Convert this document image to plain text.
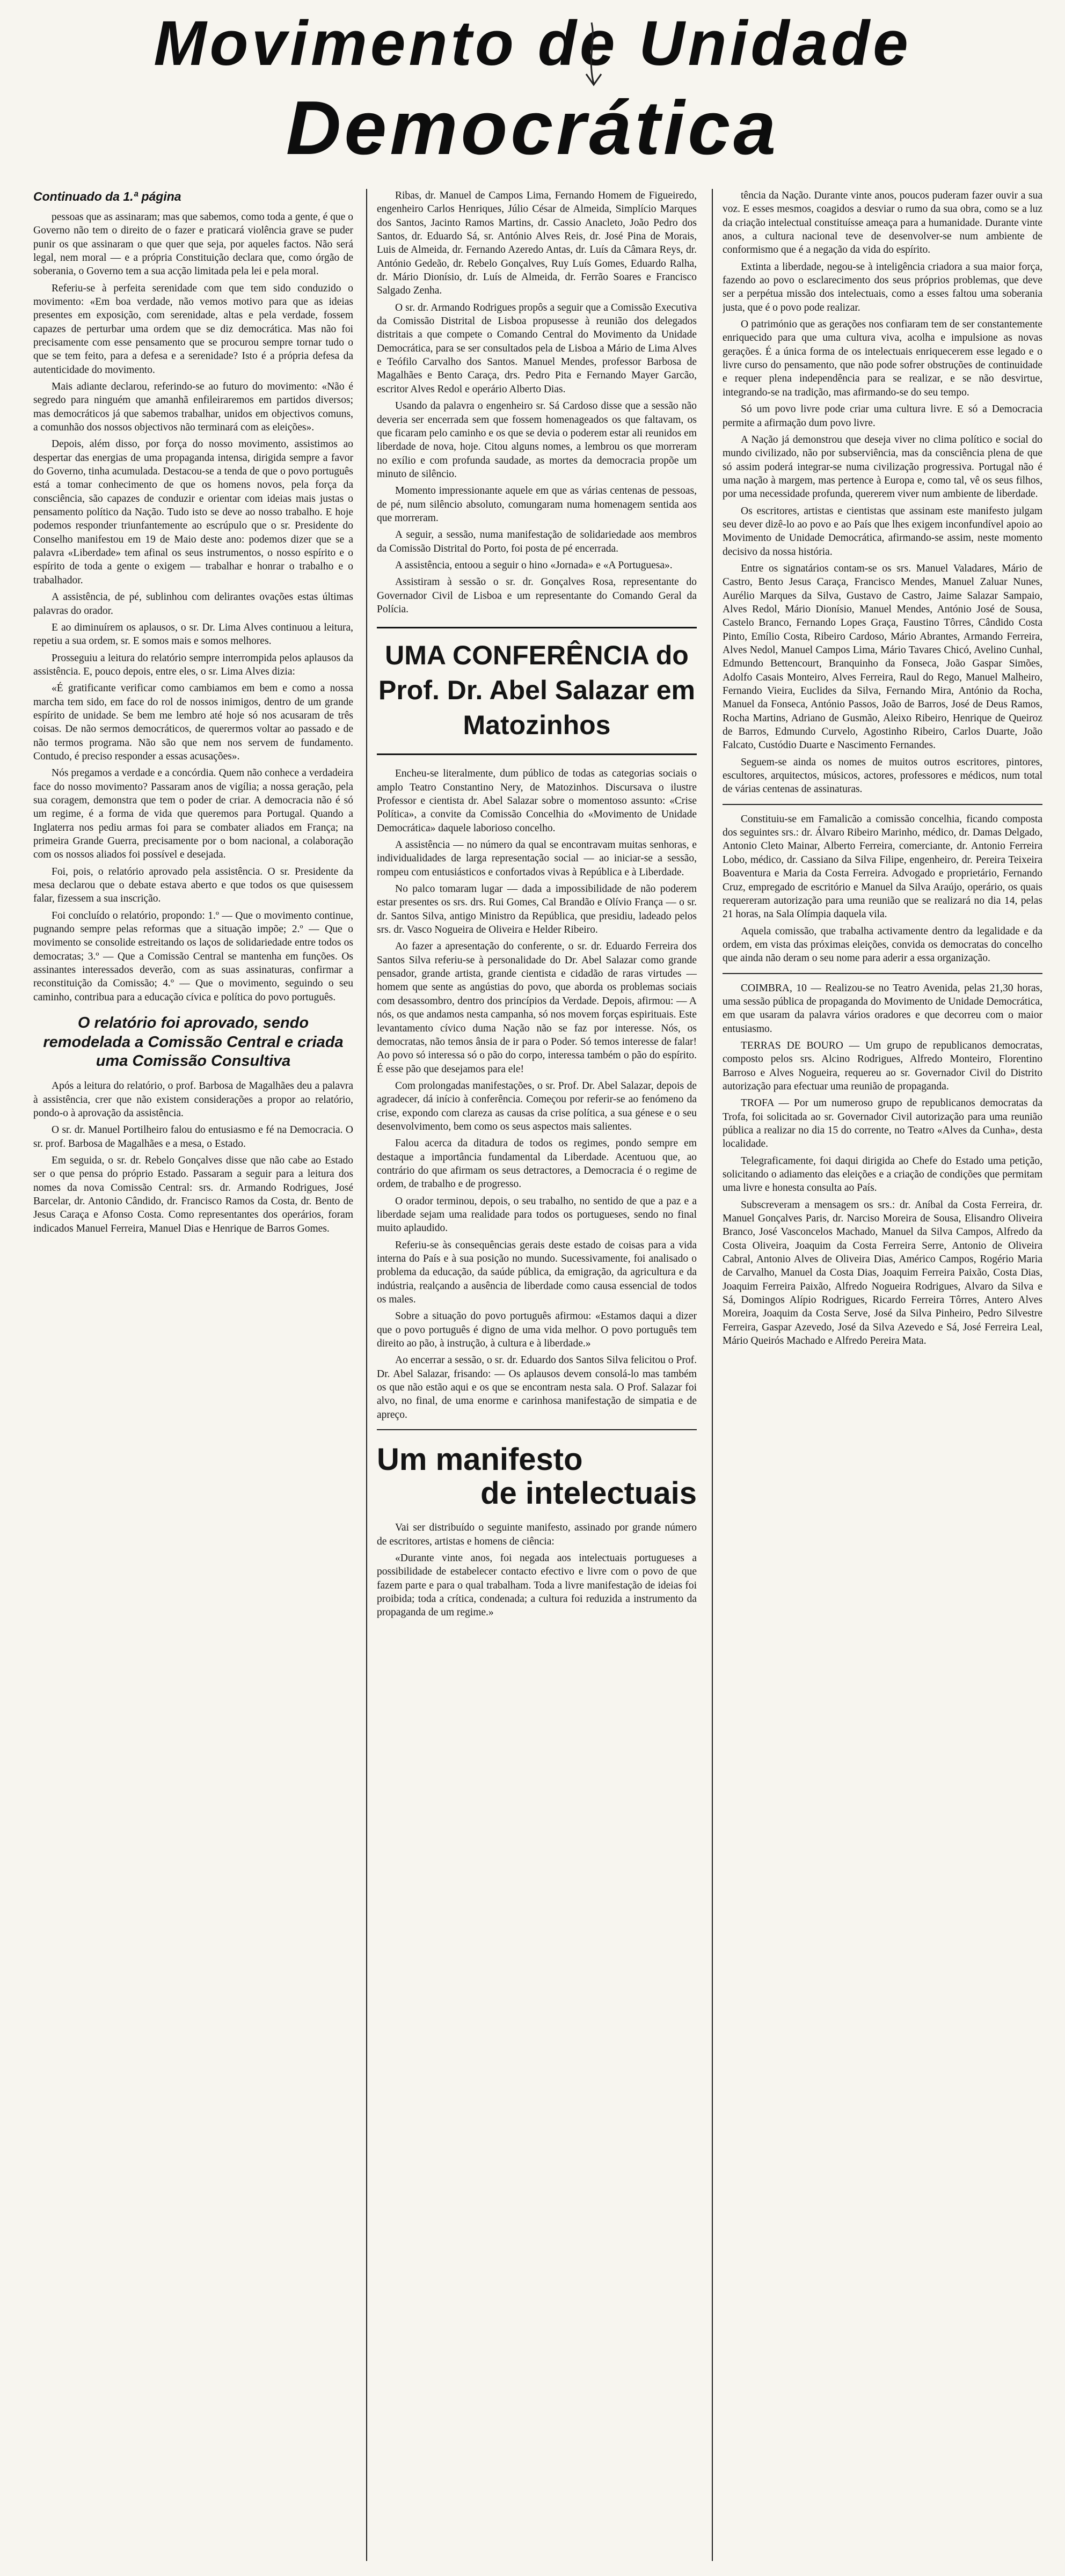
Movimento de Unidade
Democrática

Continuado da 1.ª página

pessoas que as assinaram; mas que sabemos, como toda a gente, é que o Governo não tem o direito de o fazer e praticará violência grave se puder punir os que assinaram o que quer que seja, por aqueles factos. Não será legal, nem moral — e a própria Constituição declara que, como órgão de soberania, o Governo tem a sua acção limitada pela lei e pela moral.

Referiu-se à perfeita serenidade com que tem sido conduzido o movimento: «Em boa verdade, não vemos motivo para que as ideias presentes em exposição, com serenidade, altas e pela verdade, fossem capazes de perturbar uma ordem que se diz democrática. Mas não foi precisamente com esse pensamento que se procurou sempre tornar tudo o que se tem feito, para a defesa e a serenidade? Isto é a própria defesa da autenticidade do movimento.

Mais adiante declarou, referindo-se ao futuro do movimento: «Não é segredo para ninguém que amanhã enfileiraremos em partidos diversos; mas democráticos já que sabemos trabalhar, unidos em objectivos comuns, a comunhão dos nossos objectivos não terminará com as eleições».

Depois, além disso, por força do nosso movimento, assistimos ao despertar das energias de uma propaganda intensa, dirigida sempre a favor do Governo, tinha acumulada. Destacou-se a tenda de que o povo português está a tomar conhecimento de que os homens novos, pela força da consciência, são capazes de conduzir e orientar com ideias mais justas o pensamento político da Nação. Tudo isto se deve ao nosso trabalho. E hoje podemos responder triunfantemente ao escrúpulo que o sr. Presidente do Conselho manifestou em 19 de Maio deste ano: podemos dizer que se a palavra «Liberdade» tem afinal os seus instrumentos, o nosso espírito e o espírito de toda a gente o exigem — trabalhar e honrar o trabalho e o trabalhador.

A assistência, de pé, sublinhou com delirantes ovações estas últimas palavras do orador.

E ao diminuírem os aplausos, o sr. Dr. Lima Alves continuou a leitura, repetiu a sua ordem, sr. E somos mais e somos melhores.

Prosseguiu a leitura do relatório sempre interrompida pelos aplausos da assistência. E, pouco depois, entre eles, o sr. Lima Alves dizia:

«É gratificante verificar como cambiamos em bem e como a nossa marcha tem sido, em face do rol de nossos inimigos, dentro de um grande espírito de unidade. Se bem me lembro até hoje só nos acusaram de três coisas. De não sermos democráticos, de querermos voltar ao passado e de não termos programa. Não são que nem nos servem de fundamento. Contudo, é preciso responder a essas acusações».

Nós pregamos a verdade e a concórdia. Quem não conhece a verdadeira face do nosso movimento? Passaram anos de vigília; a nossa geração, pela sua coragem, demonstra que tem o poder de criar. A democracia não é só um regime, é a forma de vida que queremos para Portugal. Quando a Inglaterra nos pediu armas foi para se combater aliados em França; na primeira Grande Guerra, precisamente por o bom nacional, a colaboração com os nossos aliados foi possível e desejada.

Foi, pois, o relatório aprovado pela assistência. O sr. Presidente da mesa declarou que o debate estava aberto e que todos os que quisessem falar, fizessem a sua inscrição.

Foi concluído o relatório, propondo: 1.º — Que o movimento continue, pugnando sempre pelas reformas que a situação impõe; 2.º — Que o movimento se consolide estreitando os laços de solidariedade entre todos os democratas; 3.º — Que a Comissão Central se mantenha em funções. Os assinantes interessados deverão, com as suas assinaturas, confirmar a reconstituição da Comissão; 4.º — Que o movimento, seguindo o seu caminho, contribua para a educação cívica e política do povo português.

O relatório foi aprovado, sendo remodelada a Comissão Central e criada uma Comissão Consultiva

Após a leitura do relatório, o prof. Barbosa de Magalhães deu a palavra à assistência, crer que não existem considerações a propor ao relatório, pondo-o à aprovação da assistência.

O sr. dr. Manuel Portilheiro falou do entusiasmo e fé na Democracia. O sr. prof. Barbosa de Magalhães e a mesa, o Estado.

Em seguida, o sr. dr. Rebelo Gonçalves disse que não cabe ao Estado ser o que pensa do próprio Estado. Passaram a seguir para a leitura dos nomes da nova Comissão Central: srs. dr. Armando Rodrigues, José Barcelar, dr. Antonio Cândido, dr. Francisco Ramos da Costa, dr. Bento de Jesus Caraça e Afonso Costa. Como representantes dos operários, foram indicados Manuel Ferreira, Manuel Dias e Henrique de Barros Gomes.

Ribas, dr. Manuel de Campos Lima, Fernando Homem de Figueiredo, engenheiro Carlos Henriques, Júlio César de Almeida, Simplício Marques dos Santos, Jacinto Ramos Martins, dr. Cassio Anacleto, João Pedro dos Santos, dr. Eduardo Sá, sr. António Alves Reis, dr. José Pina de Morais, Luis de Almeida, dr. Fernando Azeredo Antas, dr. Luís da Câmara Reys, dr. António Gedeão, dr. Rebelo Gonçalves, Ruy Luís Gomes, Eduardo Ralha, dr. Mário Dionísio, dr. Luís de Almeida, dr. Ferrão Soares e Francisco Salgado Zenha.

O sr. dr. Armando Rodrigues propôs a seguir que a Comissão Executiva da Comissão Distrital de Lisboa propusesse à reunião dos delegados distritais a que compete o Comando Central do Movimento da Unidade Democrática, para se ser consultados pela de Lisboa a Mário de Lima Alves e Teófilo Carvalho dos Santos. Manuel Mendes, professor Barbosa de Magalhães e Bento Caraça, drs. Pedro Pita e Fernando Mayer Garcão, escritor Alves Redol e operário Alberto Dias.

Usando da palavra o engenheiro sr. Sá Cardoso disse que a sessão não deveria ser encerrada sem que fossem homenageados os que faltavam, os que ficaram pelo caminho e os que se devia o poderem estar ali reunidos em liberdade de nova, hoje. Citou alguns nomes, a lembrou os que morreram no exílio e com profunda saudade, as mortes da democracia propõe um minuto de silêncio.

Momento impressionante aquele em que as várias centenas de pessoas, de pé, num silêncio absoluto, comungaram numa homenagem sentida aos que morreram.

A seguir, a sessão, numa manifestação de solidariedade aos membros da Comissão Distrital do Porto, foi posta de pé encerrada.

A assistência, entoou a seguir o hino «Jornada» e «A Portuguesa».

Assistiram à sessão o sr. dr. Gonçalves Rosa, representante do Governador Civil de Lisboa e um representante do Comando Geral da Polícia.

UMA CONFERÊNCIA do Prof. Dr. Abel Salazar em Matozinhos

Encheu-se literalmente, dum público de todas as categorias sociais o amplo Teatro Constantino Nery, de Matozinhos. Discursava o ilustre Professor e cientista dr. Abel Salazar sobre o momentoso assunto: «Crise Política», a convite da Comissão Concelhia do «Movimento de Unidade Democrática» daquele laborioso concelho.

A assistência — no número da qual se encontravam muitas senhoras, e individualidades de larga representação social — ao iniciar-se a sessão, rompeu com entusiásticos e confortados vivas à República e à Liberdade.

No palco tomaram lugar — dada a impossibilidade de não poderem estar presentes os srs. drs. Rui Gomes, Cal Brandão e Olívio França — o sr. dr. Santos Silva, antigo Ministro da República, que presidiu, ladeado pelos srs. dr. Vasco Nogueira de Oliveira e Helder Ribeiro.

Ao fazer a apresentação do conferente, o sr. dr. Eduardo Ferreira dos Santos Silva referiu-se à personalidade do Dr. Abel Salazar como grande pensador, grande artista, grande cientista e cidadão de raras virtudes — homem que sente as angústias do povo, que aborda os problemas sociais com desassombro, dentro dos princípios da Verdade. Depois, afirmou: — A nós, os que andamos nesta campanha, só nos movem forças espirituais. Este levantamento cívico duma Nação não se faz por interesse. Nós, os democratas, não temos ânsia de ir para o Poder. Só temos interesse de falar! Ao povo só interessa só o pão do corpo, interessa também o pão do espírito. É esse pão que desejamos para ele!

Com prolongadas manifestações, o sr. Prof. Dr. Abel Salazar, depois de agradecer, dá início à conferência. Começou por referir-se ao fenómeno da crise, expondo com clareza as causas da crise política, a sua génese e o seu desenvolvimento, bem como os seus aspectos mais salientes.

Falou acerca da ditadura de todos os regimes, pondo sempre em destaque a importância fundamental da Liberdade. Acentuou que, ao contrário do que afirmam os seus detractores, a Democracia é o regime de ordem, de trabalho e de progresso.

O orador terminou, depois, o seu trabalho, no sentido de que a paz e a liberdade sejam uma realidade para todos os portugueses, sendo no final muito aplaudido.

Referiu-se às consequências gerais deste estado de coisas para a vida interna do País e à sua posição no mundo. Sucessivamente, foi analisado o problema da educação, da saúde pública, da emigração, da agricultura e da indústria, realçando a ausência de liberdade como causa essencial de todos os males.

Sobre a situação do povo português afirmou: «Estamos daqui a dizer que o povo português é digno de uma vida melhor. O povo português tem direito ao pão, à instrução, à cultura e à liberdade.»

Ao encerrar a sessão, o sr. dr. Eduardo dos Santos Silva felicitou o Prof. Dr. Abel Salazar, frisando: — Os aplausos devem consolá-lo mas também os que não estão aqui e os que se encontram nesta sala. O Prof. Salazar foi alvo, no final, de uma enorme e carinhosa manifestação de simpatia e de apreço.

Um manifesto
de intelectuais

Vai ser distribuído o seguinte manifesto, assinado por grande número de escritores, artistas e homens de ciência:

«Durante vinte anos, foi negada aos intelectuais portugueses a possibilidade de estabelecer contacto efectivo e livre com o povo de que fazem parte e para o qual trabalham. Toda a livre manifestação de ideias foi proibida; toda a crítica, condenada; a cultura foi reduzida a instrumento da propaganda de um regime.»

tência da Nação. Durante vinte anos, poucos puderam fazer ouvir a sua voz. E esses mesmos, coagidos a desviar o rumo da sua obra, como se a luz da criação intelectual constituísse ameaça para a humanidade. Durante vinte anos, a cultura nacional teve de desenvolver-se num ambiente de conformismo que é a negação da vida do espírito.

Extinta a liberdade, negou-se à inteligência criadora a sua maior força, fazendo ao povo o esclarecimento dos seus próprios problemas, que deve ser a perpétua missão dos intelectuais, como a esses faltou uma soberania justa, que é o povo pode realizar.

O património que as gerações nos confiaram tem de ser constantemente enriquecido para que uma cultura viva, acolha e impulsione as novas gerações. É a única forma de os intelectuais enriquecerem esse legado e o livre curso do pensamento, que não pode sofrer obstruções de continuidade e requer plena independência para se realizar, e se não desvirtue, integrando-se na tradição, mas afirmando-se do seu tempo.

Só um povo livre pode criar uma cultura livre. E só a Democracia permite a afirmação dum povo livre.

A Nação já demonstrou que deseja viver no clima político e social do mundo civilizado, não por subserviência, mas da consciência plena de que só assim poderá integrar-se numa civilização progressiva. Portugal não é uma nação à margem, mas pertence à Europa e, como tal, vê os seus filhos, por uma necessidade profunda, quererem viver num ambiente de liberdade.

Os escritores, artistas e cientistas que assinam este manifesto julgam seu dever dizê-lo ao povo e ao País que lhes exigem inconfundível apoio ao Movimento de Unidade Democrática, afirmando-se assim, neste momento decisivo da nossa história.

Entre os signatários contam-se os srs. Manuel Valadares, Mário de Castro, Bento Jesus Caraça, Francisco Mendes, Manuel Zaluar Nunes, Aurélio Marques da Silva, Gustavo de Castro, Jaime Salazar Sampaio, Alves Redol, Mário Dionísio, Manuel Mendes, António José de Sousa, Castelo Branco, Fernando Lopes Graça, Faustino Tôrres, Cândido Costa Pinto, Emílio Costa, Ribeiro Cardoso, Mário Abrantes, Armando Ferreira, Alves Nedol, Manuel Campos Lima, Mário Tavares Chicó, Avelino Cunhal, Edmundo Bettencourt, Branquinho da Fonseca, João Gaspar Simões, Adolfo Casais Monteiro, Alves Ferreira, Raul do Rego, Manuel Malheiro, Fernando Vieira, Euclides da Silva, Fernando Mira, António da Rocha, Manuel da Fonseca, António Passos, João de Barros, José de Deus Ramos, Rocha Martins, Adriano de Gusmão, Aleixo Ribeiro, Henrique de Queiroz de Barros, Edmundo Curvelo, Agostinho Ribeiro, Carlos Duarte, João Falcato, Custódio Duarte e Nascimento Fernandes.

Seguem-se ainda os nomes de muitos outros escritores, pintores, escultores, arquitectos, músicos, actores, professores e médicos, num total de várias centenas de assinaturas.

Constituiu-se em Famalicão a comissão concelhia, ficando composta dos seguintes srs.: dr. Álvaro Ribeiro Marinho, médico, dr. Damas Delgado, Antonio Cleto Mainar, Alberto Ferreira, comerciante, dr. Antonio Ferreira Lobo, médico, dr. Cassiano da Silva Filipe, engenheiro, dr. Pereira Teixeira Boaventura e Maria da Costa Ferreira. Advogado e proprietário, Fernando Cruz, empregado de escritório e Manuel da Silva Araújo, operário, os quais requereram autorização para uma reunião que se realizará no dia 14, pelas 21 horas, na Sala Olímpia daquela vila.

Aquela comissão, que trabalha activamente dentro da legalidade e da ordem, em vista das próximas eleições, convida os democratas do concelho que ainda não deram o seu nome para aderir a essa organização.

COIMBRA, 10 — Realizou-se no Teatro Avenida, pelas 21,30 horas, uma sessão pública de propaganda do Movimento de Unidade Democrática, em que usaram da palavra vários oradores e que decorreu com o maior entusiasmo.

TERRAS DE BOURO — Um grupo de republicanos democratas, composto pelos srs. Alcino Rodrigues, Alfredo Monteiro, Florentino Barroso e Alves Nogueira, requereu ao sr. Governador Civil do Distrito autorização para efectuar uma reunião de propaganda.

TROFA — Por um numeroso grupo de republicanos democratas da Trofa, foi solicitada ao sr. Governador Civil autorização para uma reunião pública a realizar no dia 15 do corrente, no Teatro «Alves da Cunha», desta localidade.

Telegraficamente, foi daqui dirigida ao Chefe do Estado uma petição, solicitando o adiamento das eleições e a criação de condições que permitam uma livre e honesta consulta ao País.

Subscreveram a mensagem os srs.: dr. Aníbal da Costa Ferreira, dr. Manuel Gonçalves Paris, dr. Narciso Moreira de Sousa, Elisandro Oliveira Branco, José Vasconcelos Machado, Manuel da Silva Campos, Alfredo da Costa Oliveira, Joaquim da Costa Ferreira Serre, Antonio de Oliveira Cabral, Antonio Alves de Oliveira Dias, Américo Campos, Rogério Maria de Carvalho, Manuel da Costa Dias, Joaquim Ferreira Paixão, Costa Dias, Joaquim Ferreira Paixão, Alfredo Nogueira Rodrigues, Alvaro da Silva e Sá, Domingos Alípio Rodrigues, Ricardo Ferreira Tôrres, Antero Alves Moreira, Joaquim da Costa Serve, José da Silva Pinheiro, Pedro Silvestre Ferreira, Gaspar Azevedo, José da Silva Azevedo e Sá, José Ferreira Leal, Mário Queirós Machado e Alfredo Pereira Mata.
